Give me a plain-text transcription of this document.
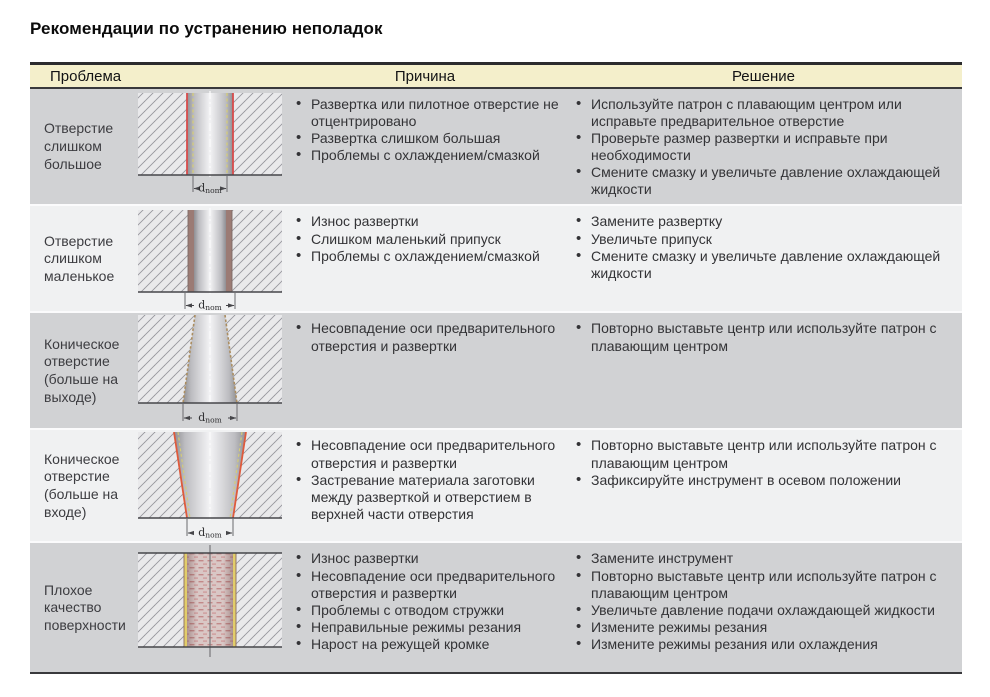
Рекомендации по устранению неполадок
Проблема	Причина	Решение
Отверстие слишком большое
dnom
• Развертка или пилотное отверстие не отцентрировано
• Развертка слишком большая
• Проблемы с охлаждением/смазкой
• Используйте патрон с плавающим центром или исправьте предварительное отверстие
• Проверьте размер развертки и исправьте при необходимости
• Смените смазку и увеличьте давление охлаждающей жидкости
Отверстие слишком маленькое
dnom
• Износ развертки
• Слишком маленький припуск
• Проблемы с охлаждением/смазкой
• Замените развертку
• Увеличьте припуск
• Смените смазку и увеличьте давление охлаждающей жидкости
Коническое отверстие (больше на выходе)
dnom
• Несовпадение оси предварительного отверстия и развертки
• Повторно выставьте центр или используйте патрон с плавающим центром
Коническое отверстие (больше на входе)
dnom
• Несовпадение оси предварительного отверстия и развертки
• Застревание материала заготовки между разверткой и отверстием в верхней части отверстия
• Повторно выставьте центр или используйте патрон с плавающим центром
• Зафиксируйте инструмент в осевом положении
Плохое качество поверхности
• Износ развертки
• Несовпадение оси предварительного отверстия и развертки
• Проблемы с отводом стружки
• Неправильные режимы резания
• Нарост на режущей кромке
• Замените инструмент
• Повторно выставьте центр или используйте патрон с плавающим центром
• Увеличьте давление подачи охлаждающей жидкости
• Измените режимы резания
• Измените режимы резания или охлаждения
